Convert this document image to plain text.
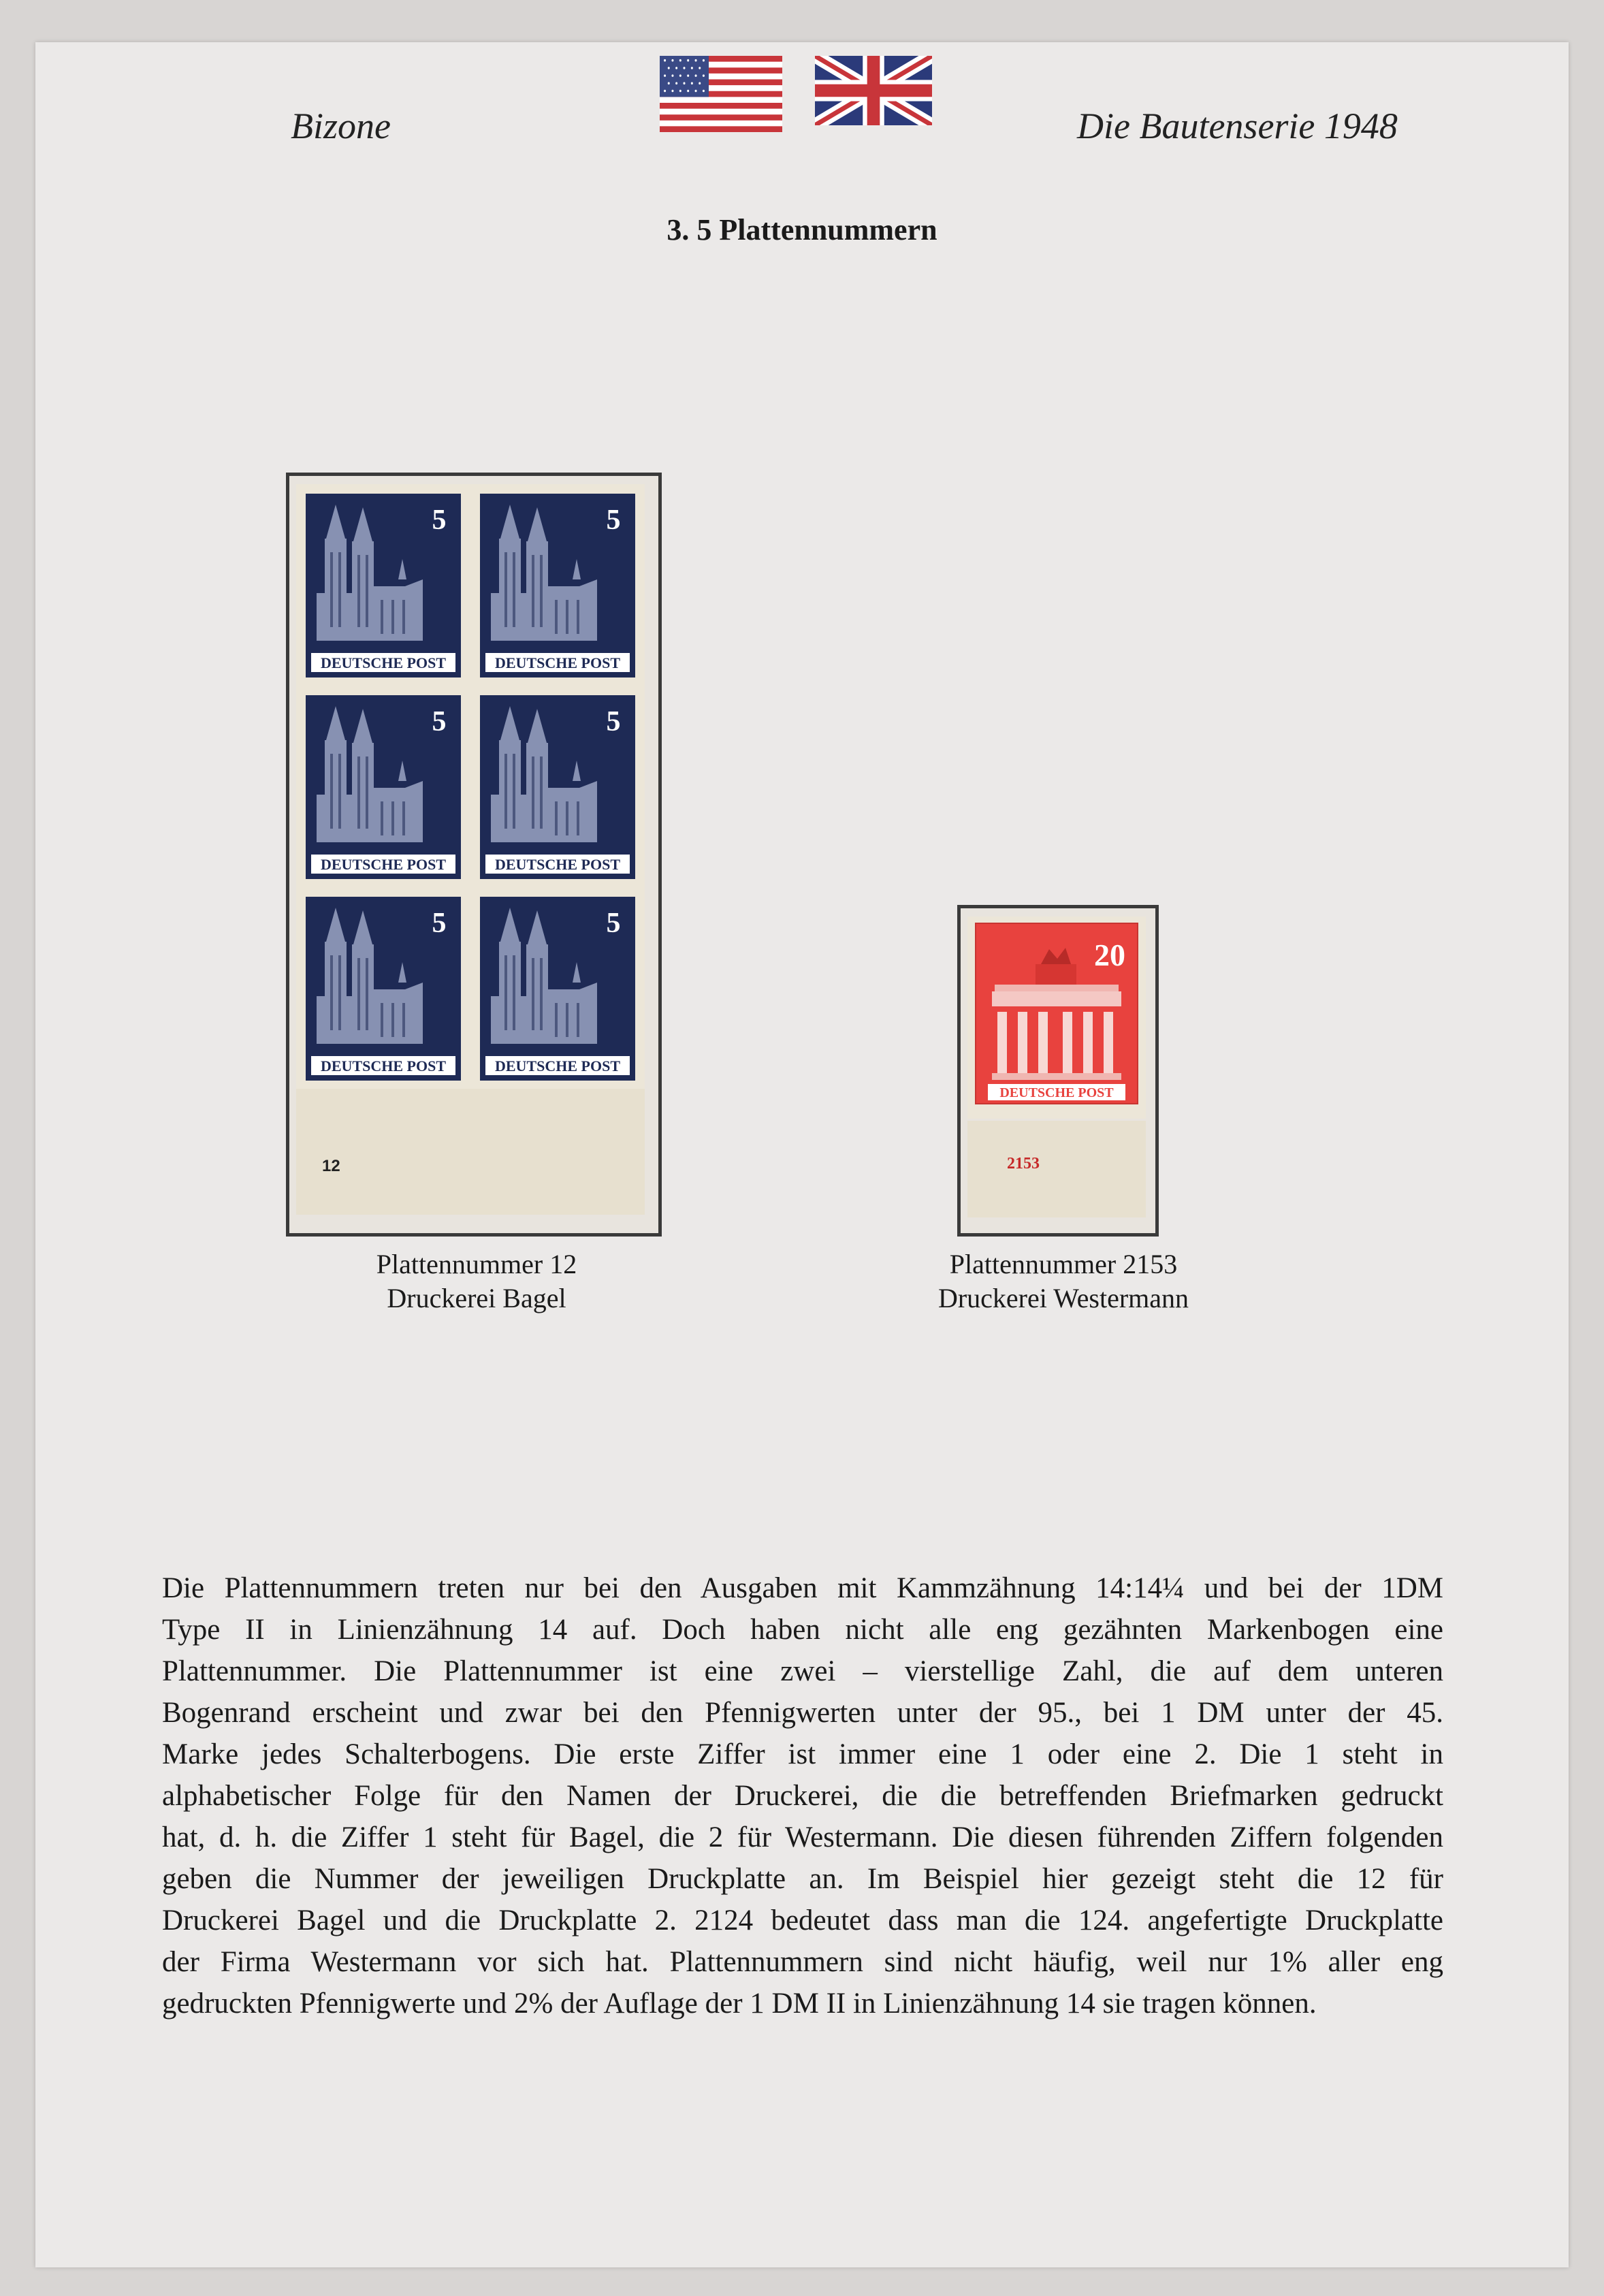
Bizone	Die Bautenserie 1948
3. 5 Plattennummern
5
DEUTSCHE POST
5
DEUTSCHE POST
5
DEUTSCHE POST
5
DEUTSCHE POST
5
DEUTSCHE POST
5
DEUTSCHE POST
12
Plattennummer 12
Druckerei Bagel
20
DEUTSCHE POST
2153
Plattennummer 2153
Druckerei Westermann
Die Plattennummern treten nur bei den Ausgaben mit Kammzähnung 14:14¼ und bei der 1DM
Type II in Linienzähnung 14 auf. Doch haben nicht alle eng gezähnten Markenbogen eine
Plattennummer. Die Plattennummer ist eine zwei – vierstellige Zahl, die auf dem unteren
Bogenrand erscheint und zwar bei den Pfennigwerten unter der 95., bei 1 DM unter der 45.
Marke jedes Schalterbogens. Die erste Ziffer ist immer eine 1 oder eine 2. Die 1 steht in
alphabetischer Folge für den Namen der Druckerei, die die betreffenden Briefmarken gedruckt
hat, d. h. die Ziffer 1 steht für Bagel, die 2 für Westermann. Die diesen führenden Ziffern folgenden
geben die Nummer der jeweiligen Druckplatte an. Im Beispiel hier gezeigt steht die 12 für
Druckerei Bagel und die Druckplatte 2. 2124 bedeutet dass man die 124. angefertigte Druckplatte
der Firma Westermann vor sich hat. Plattennummern sind nicht häufig, weil nur 1% aller eng
gedruckten Pfennigwerte und 2% der Auflage der 1 DM II in Linienzähnung 14 sie tragen können.
